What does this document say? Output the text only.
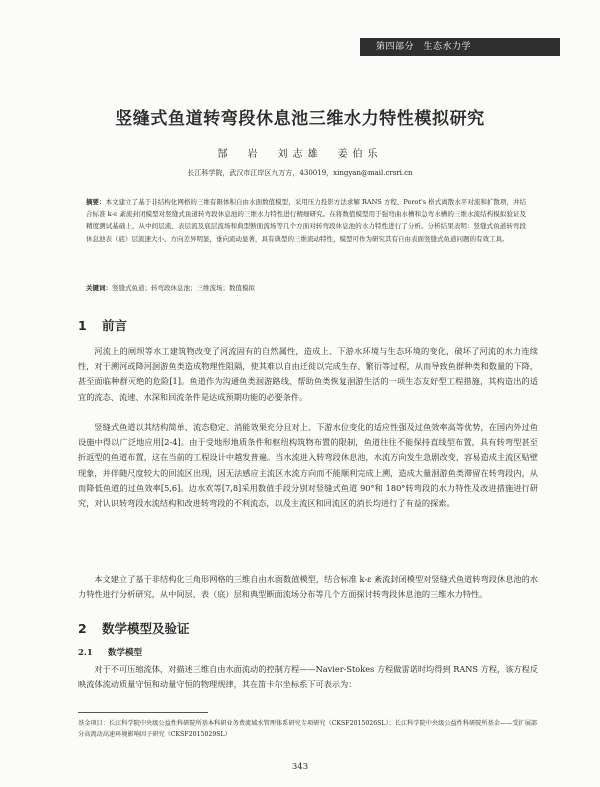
第四部分　生态水力学
竖缝式鱼道转弯段休息池三维水力特性模拟研究
郜　岩　刘志雄　姜伯乐
长江科学院，武汉市江岸区九万方，430019，xingyan@mail.crsri.cn

摘要：本文建立了基于非结构化网格的三维有限体积自由水面数值模型，采用压力投影方法求解 RANS 方程、Perot's 格式离散水平对流和扩散项，并结合标准 k-ε 紊流封闭模型对竖缝式鱼道转弯段休息池的三维水力特性进行精细研究。在将数值模型用于强弯曲水槽和急弯水槽的三维水流结构模拟验证及精度测试基础上，从中间层流、表层流及底层流场和典型断面流场等几个方面对转弯段休息池的水力特性进行了分析。分析结果表明：竖缝式鱼道转弯段休息池表（底）层流速大小、方向差异明显，垂向流动显著，具有典型的三维流动特性，模型可作为研究其有自由表面竖缝式鱼道问题的有效工具。

关键词：竖缝式鱼道；转弯段休息池；三维流场；数值模拟

1 前言

河流上的闸坝等水工建筑物改变了河流固有的自然属性，造成上、下游水环境与生态环境的变化，破坏了河流的水力连续性，对于溯河或降河洄游鱼类造成物理性阻隔，使其难以自由迁徙以完成生存、繁衍等过程，从而导致鱼群种类和数量的下降，甚至面临种群灭绝的危险[1]。鱼道作为沟通鱼类洄游路线、帮助鱼类恢复洄游生活的一项生态友好型工程措施，其构造出的适宜的流态、流速、水深和回流条件是达成预期功能的必要条件。

竖缝式鱼道以其结构简单、流态稳定、消能效果充分且对上、下游水位变化的适应性强及过鱼效率高等优势，在国内外过鱼设施中得以广泛地应用[2-4]。由于受地形地质条件和枢纽构筑物布置的限制，鱼道往往不能保持直线型布置，具有转弯型甚至折返型的鱼道布置，这在当前的工程设计中越发普遍。当水流进入转弯段休息池，水流方向发生急剧改变，容易造成主流区贴壁现象，并伴随尺度较大的回流区出现，因无法感应主流区水流方向而不能顺利完成上溯，造成大量洄游鱼类滞留在转弯段内，从而降低鱼道的过鱼效率[5,6]。边水欢等[7,8]采用数值手段分别对竖缝式鱼道 90°和 180°转弯段的水力特性及改进措施进行研究，对认识转弯段水流结构和改进转弯段的不利流态，以及主流区和回流区的消长均进行了有益的探索。

本文建立了基于非结构化三角形网格的三维自由水面数值模型，结合标准 k-ε 紊流封闭模型对竖缝式鱼道转弯段休息池的水力特性进行分析研究，从中间层、表（底）层和典型断面流场分布等几个方面探讨转弯段休息池的三维水力特性。

2 数学模型及验证
2.1 数学模型

对于不可压缩流体，对描述三维自由水面流动的控制方程——Navier-Stokes 方程做雷诺时均得到 RANS 方程，该方程反映流体流动质量守恒和动量守恒的物理规律，其在笛卡尔坐标系下可表示为：

基金项目：长江科学院中央级公益性科研院所基本科研业务费流域水管理体系研究专项研究（CKSF2015026SL）；长江科学院中央级公益性科研院所基金——受扩展部分高流动高速环境影响因子研究（CKSF2015029SL）

343
